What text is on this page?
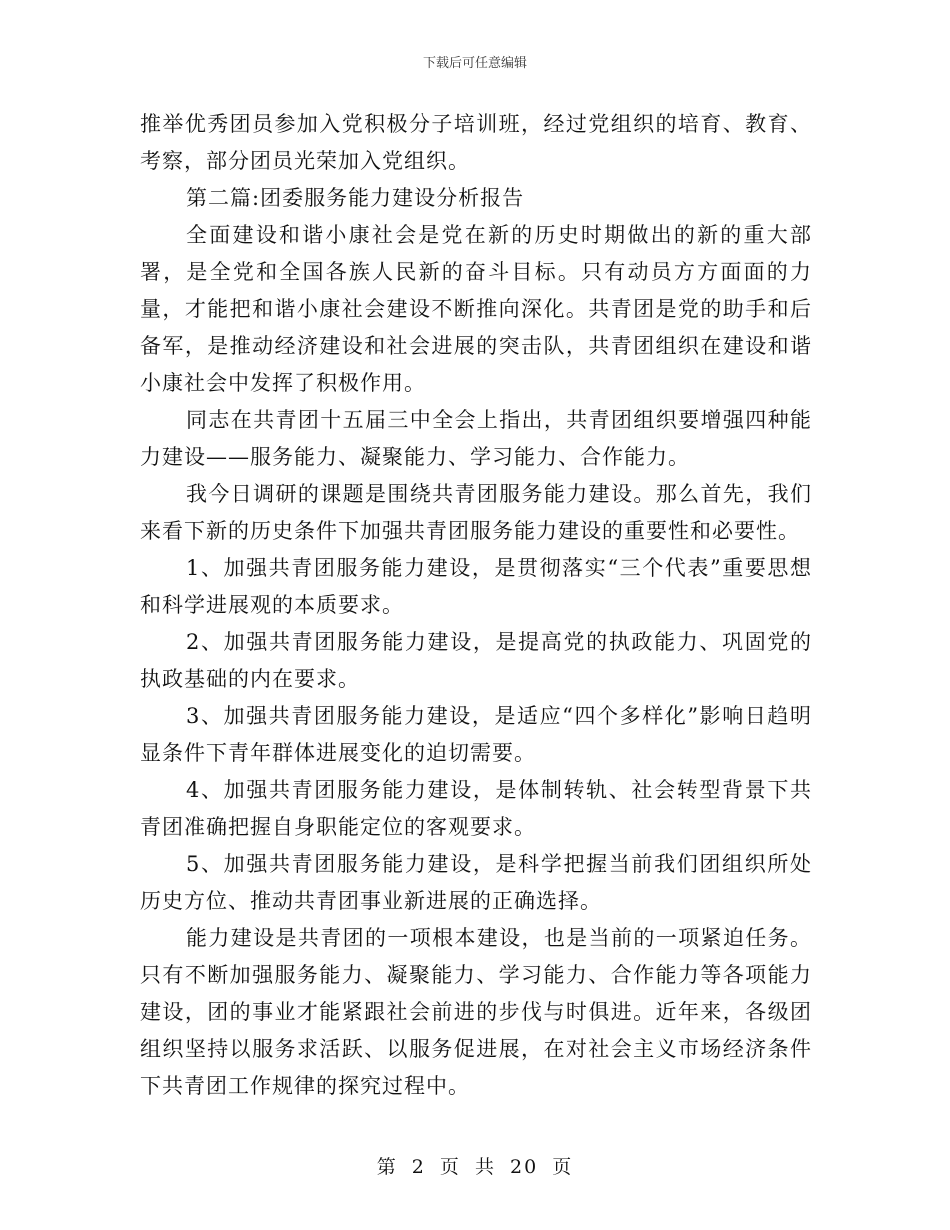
下载后可任意编辑

推举优秀团员参加入党积极分子培训班，经过党组织的培育、教育、考察，部分团员光荣加入党组织。

第二篇:团委服务能力建设分析报告

全面建设和谐小康社会是党在新的历史时期做出的新的重大部署，是全党和全国各族人民新的奋斗目标。只有动员方方面面的力量，才能把和谐小康社会建设不断推向深化。共青团是党的助手和后备军，是推动经济建设和社会进展的突击队，共青团组织在建设和谐小康社会中发挥了积极作用。

同志在共青团十五届三中全会上指出，共青团组织要增强四种能力建设——服务能力、凝聚能力、学习能力、合作能力。

我今日调研的课题是围绕共青团服务能力建设。那么首先，我们来看下新的历史条件下加强共青团服务能力建设的重要性和必要性。

1、加强共青团服务能力建设，是贯彻落实“三个代表”重要思想和科学进展观的本质要求。

2、加强共青团服务能力建设，是提高党的执政能力、巩固党的执政基础的内在要求。

3、加强共青团服务能力建设，是适应“四个多样化”影响日趋明显条件下青年群体进展变化的迫切需要。

4、加强共青团服务能力建设，是体制转轨、社会转型背景下共青团准确把握自身职能定位的客观要求。

5、加强共青团服务能力建设，是科学把握当前我们团组织所处历史方位、推动共青团事业新进展的正确选择。

能力建设是共青团的一项根本建设，也是当前的一项紧迫任务。只有不断加强服务能力、凝聚能力、学习能力、合作能力等各项能力建设，团的事业才能紧跟社会前进的步伐与时俱进。近年来，各级团组织坚持以服务求活跃、以服务促进展，在对社会主义市场经济条件下共青团工作规律的探究过程中。

第 2 页 共 20 页
